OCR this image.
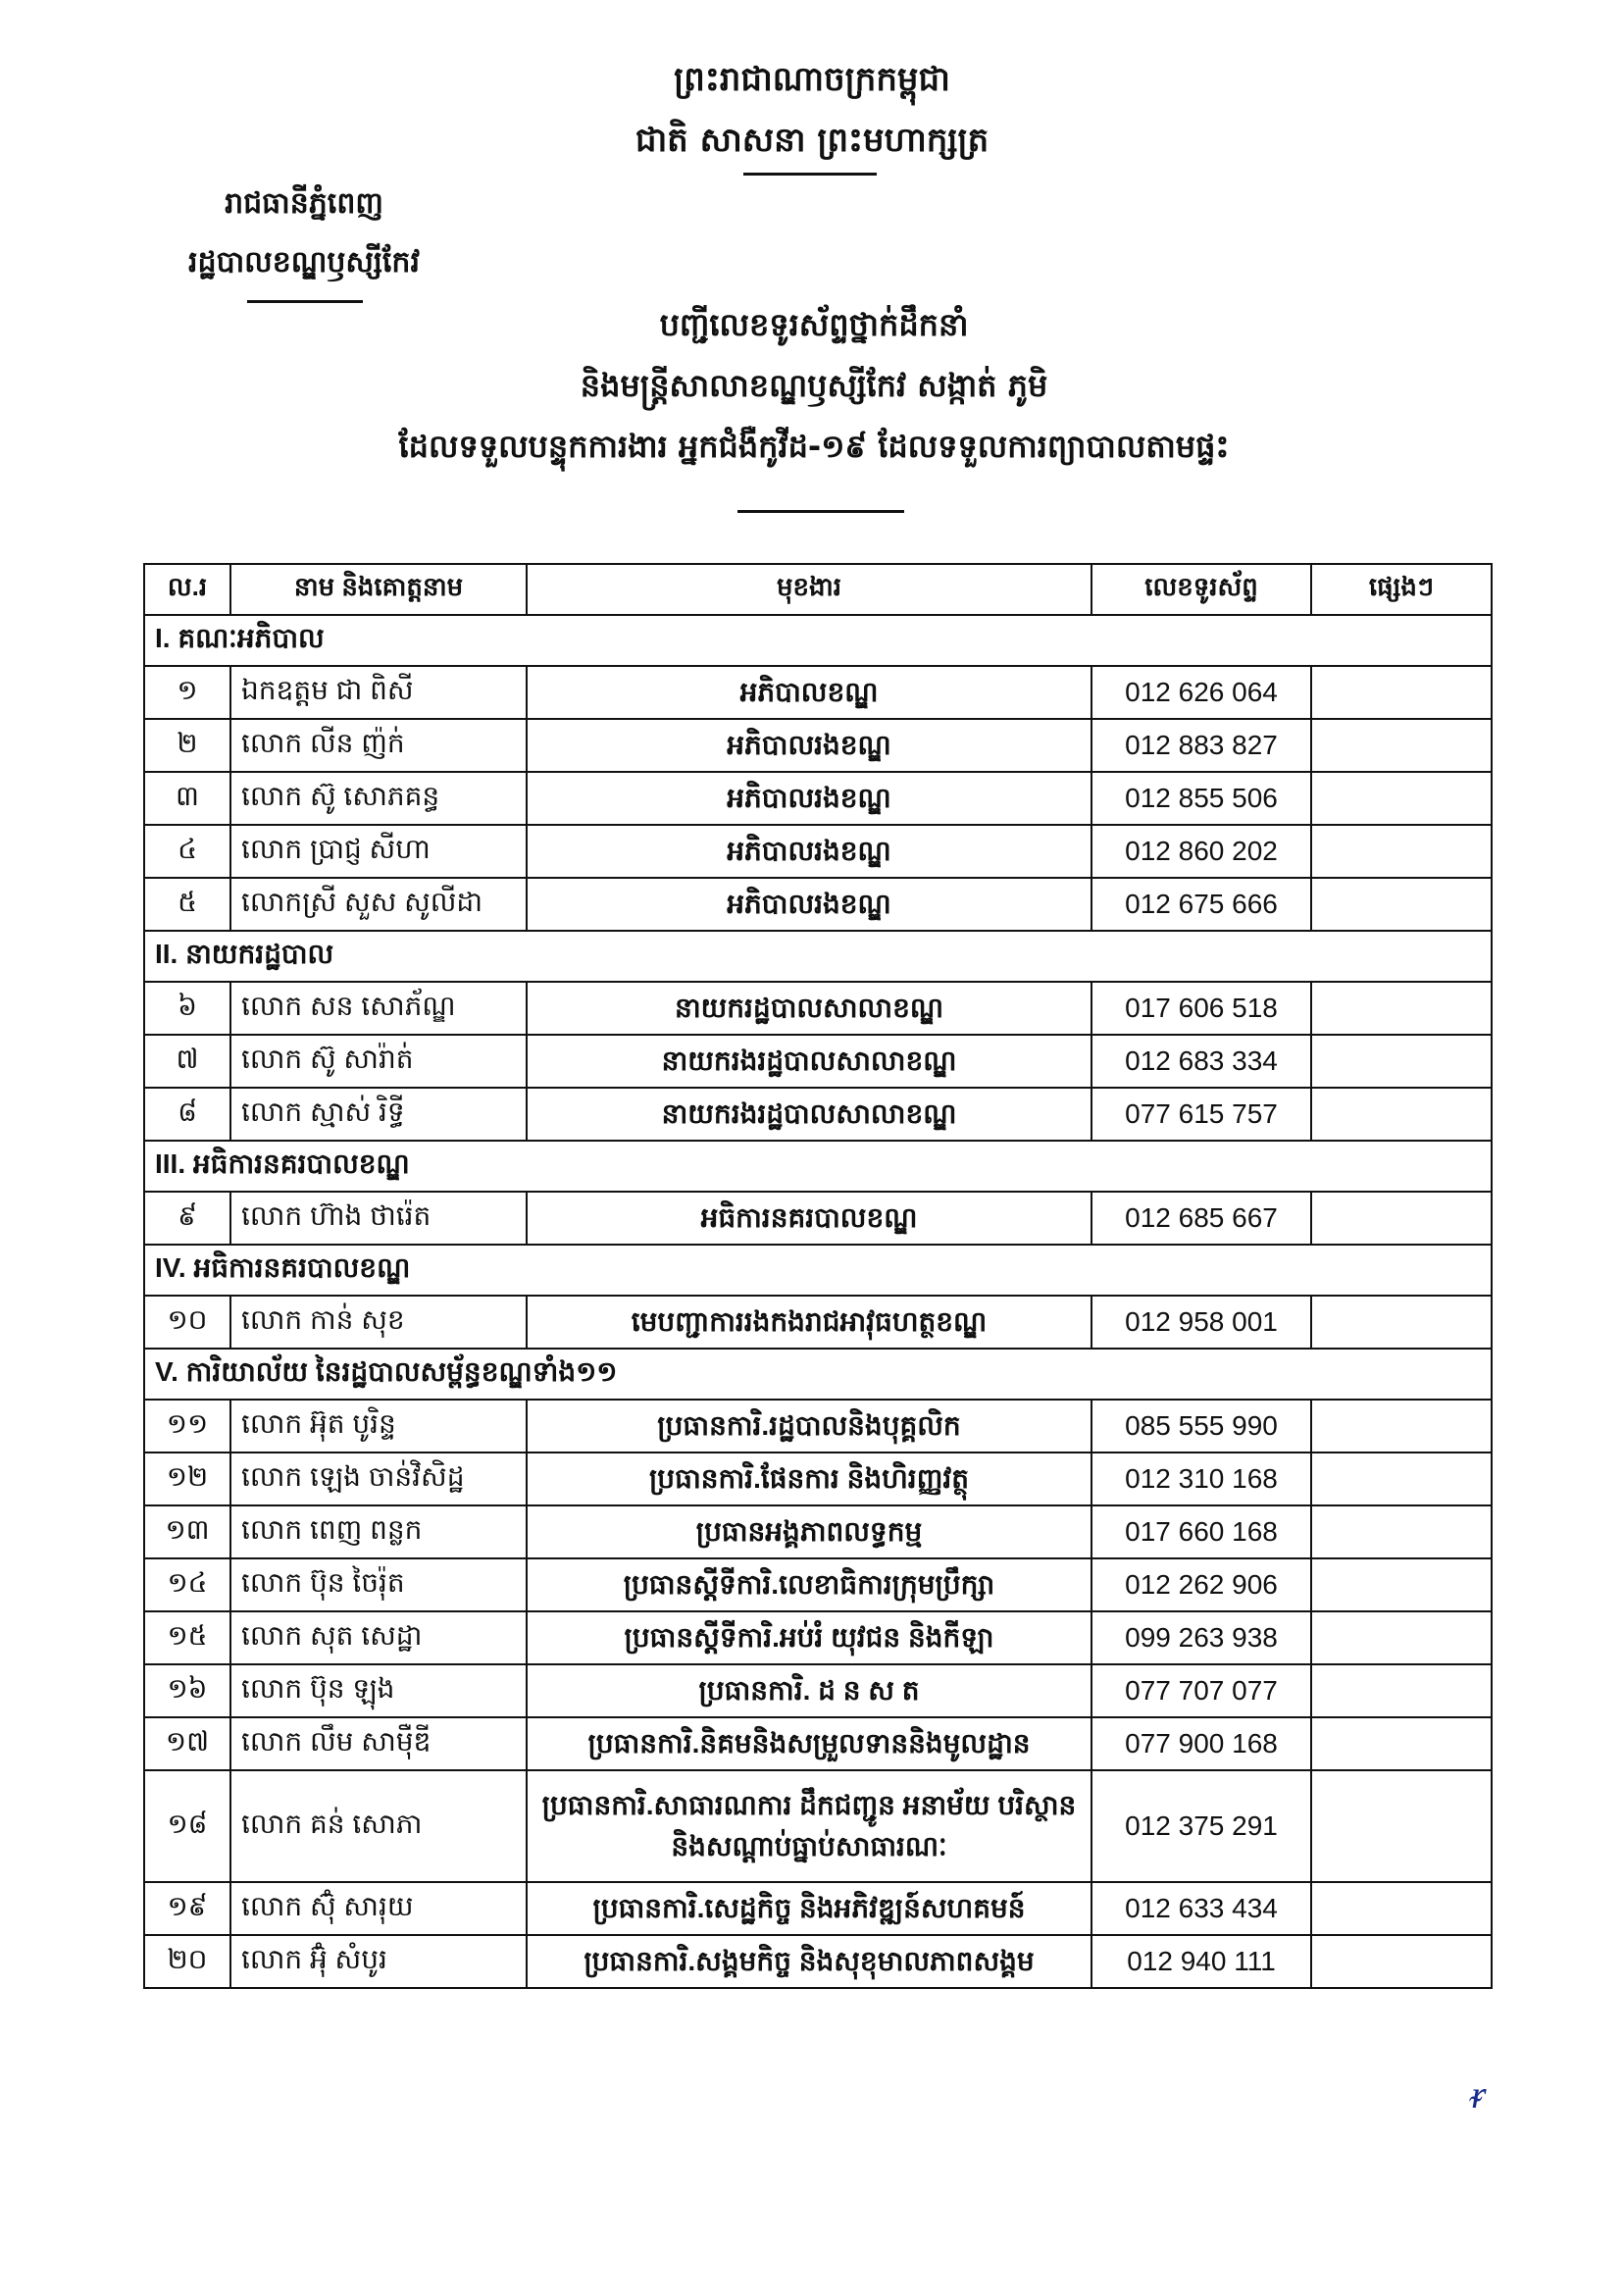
ព្រះរាជាណាចក្រកម្ពុជា
ជាតិ សាសនា ព្រះមហាក្សត្រ
រាជធានីភ្នំពេញ
រដ្ឋបាលខណ្ឌឫស្សីកែវ
បញ្ជីលេខទូរស័ព្ទថ្នាក់ដឹកនាំ
និងមន្ត្រីសាលាខណ្ឌឫស្សីកែវ សង្កាត់ ភូមិ
ដែលទទួលបន្ទុកការងារ អ្នកជំងឺកូវីដ-១៩ ដែលទទួលការព្យាបាលតាមផ្ទះ
ល.រ	នាម និងគោត្តនាម	មុខងារ	លេខទូរស័ព្ទ	ផ្សេងៗ
I. គណៈអភិបាល				
១	ឯកឧត្តម ជា ពិសី	អភិបាលខណ្ឌ	012 626 064	
២	លោក លីន ញ៉ក់	អភិបាលរងខណ្ឌ	012 883 827	
៣	លោក ស៊ូ សោភគន្ធ	អភិបាលរងខណ្ឌ	012 855 506	
៤	លោក ប្រាជ្ញ សីហា	អភិបាលរងខណ្ឌ	012 860 202	
៥	លោកស្រី សួស សូលីដា	អភិបាលរងខណ្ឌ	012 675 666	
II. នាយករដ្ឋបាល				
៦	លោក សន សោភ័ណ្ឌ	នាយករដ្ឋបាលសាលាខណ្ឌ	017 606 518	
៧	លោក ស៊ូ សារ៉ាត់	នាយករងរដ្ឋបាលសាលាខណ្ឌ	012 683 334	
៨	លោក ស្មាស់ រិទ្ធី	នាយករងរដ្ឋបាលសាលាខណ្ឌ	077 615 757	
III. អធិការនគរបាលខណ្ឌ				
៩	លោក ហ៊ាង ថារ៉េត	អធិការនគរបាលខណ្ឌ	012 685 667	
IV. អធិការនគរបាលខណ្ឌ				
១០	លោក កាន់ សុខ	មេបញ្ជាការរងកងរាជអាវុធហត្ថខណ្ឌ	012 958 001	
V. ការិយាល័យ នៃរដ្ឋបាលសម្ព័ន្ធខណ្ឌទាំង១១				
១១	លោក អ៊ុត បូរិន្ទ	ប្រធានការិ.រដ្ឋបាលនិងបុគ្គលិក	085 555 990	
១២	លោក ឡេង ចាន់វិសិដ្ឋ	ប្រធានការិ.ផែនការ និងហិរញ្ញវត្ថុ	012 310 168	
១៣	លោក ពេញ ពន្លក	ប្រធានអង្គភាពលទ្ធកម្ម	017 660 168	
១៤	លោក ប៊ុន ចៃរ៉ុត	ប្រធានស្តីទីការិ.លេខាធិការក្រុមប្រឹក្សា	012 262 906	
១៥	លោក សុត សេដ្ឋា	ប្រធានស្តីទីការិ.អប់រំ យុវជន និងកីឡា	099 263 938	
១៦	លោក ប៊ុន ឡុង	ប្រធានការិ. ដ ន ស ត	077 707 077	
១៧	លោក លឹម សាម៉ឺឌី	ប្រធានការិ.និគមនិងសម្រួលទាននិងមូលដ្ឋាន	077 900 168	
១៨	លោក គន់ សោភា	ប្រធានការិ.សាធារណការ ដឹកជញ្ជូន អនាម័យ បរិស្ថាន និងសណ្តាប់ធ្នាប់សាធារណៈ	012 375 291	
១៩	លោក ស៊ុំ សារុយ	ប្រធានការិ.សេដ្ឋកិច្ច និងអភិវឌ្ឍន៍សហគមន៍	012 633 434	
២០	លោក អ៊ុំ សំបូរ	ប្រធានការិ.សង្គមកិច្ច និងសុខុមាលភាពសង្គម	012 940 111	
ᵲ
